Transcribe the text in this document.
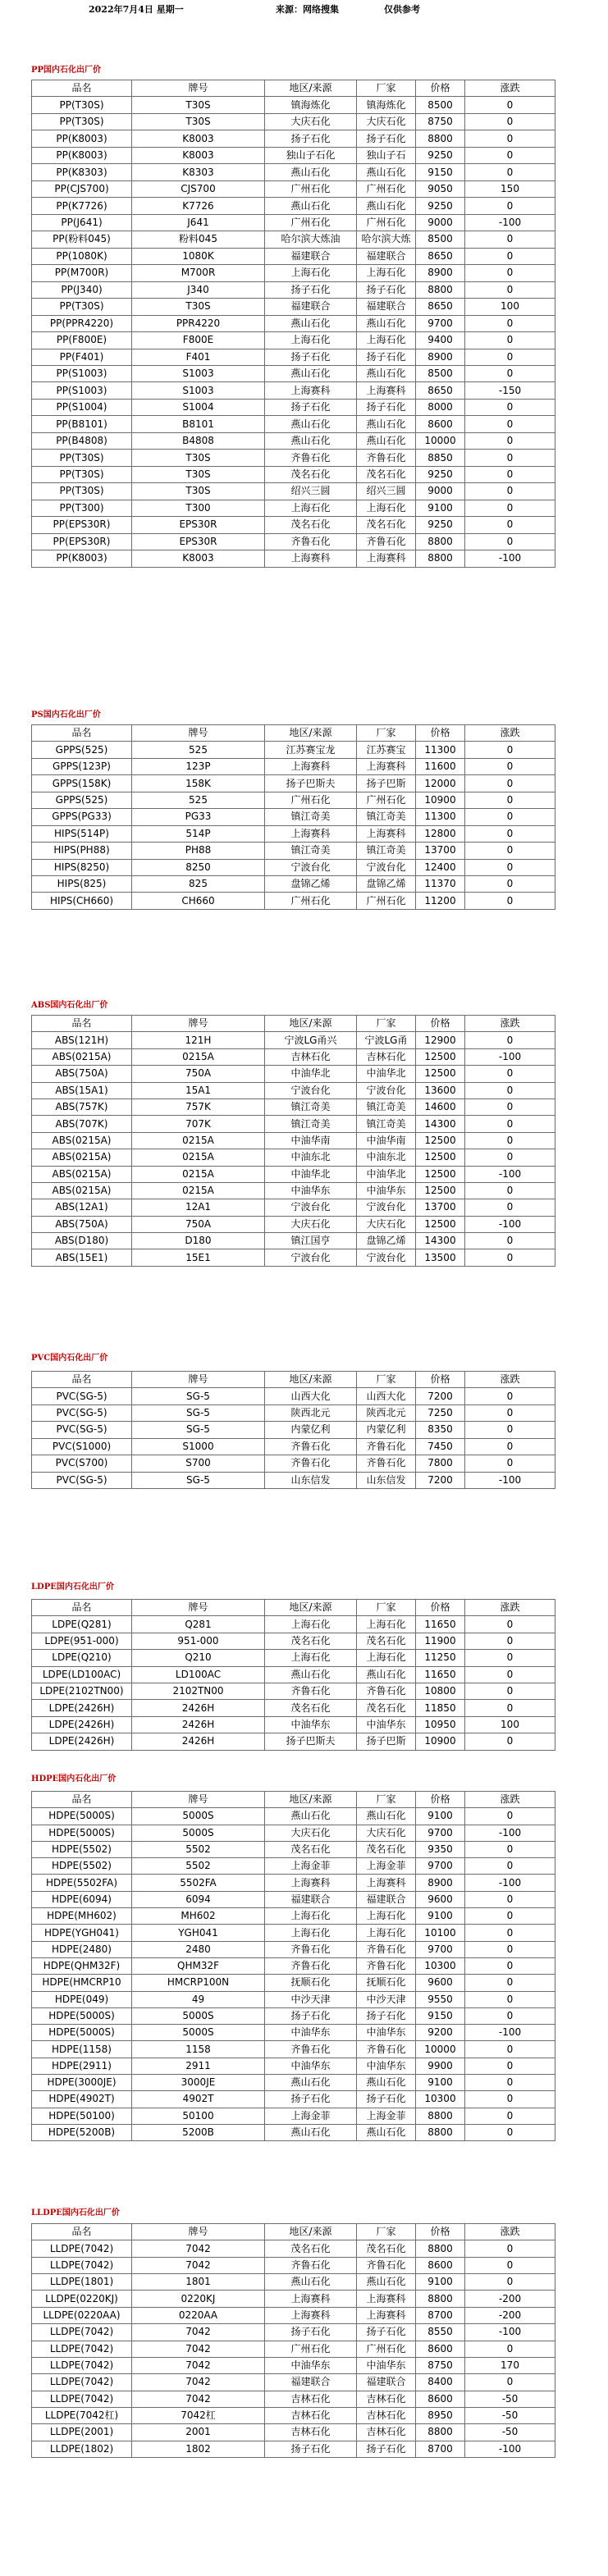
2022年7月4日 星期一	来源：网络搜集	仅供参考
PP国内石化出厂价
品名	牌号	地区/来源	厂家	价格	涨跌
PP(T30S)	T30S	镇海炼化	镇海炼化	8500	0
PP(T30S)	T30S	大庆石化	大庆石化	8750	0
PP(K8003)	K8003	扬子石化	扬子石化	8800	0
PP(K8003)	K8003	独山子石化	独山子石	9250	0
PP(K8303)	K8303	燕山石化	燕山石化	9150	0
PP(CJS700)	CJS700	广州石化	广州石化	9050	150
PP(K7726)	K7726	燕山石化	燕山石化	9250	0
PP(J641)	J641	广州石化	广州石化	9000	-100
PP(粉料045)	粉料045	哈尔滨大炼油	哈尔滨大炼	8500	0
PP(1080K)	1080K	福建联合	福建联合	8650	0
PP(M700R)	M700R	上海石化	上海石化	8900	0
PP(J340)	J340	扬子石化	扬子石化	8800	0
PP(T30S)	T30S	福建联合	福建联合	8650	100
PP(PPR4220)	PPR4220	燕山石化	燕山石化	9700	0
PP(F800E)	F800E	上海石化	上海石化	9400	0
PP(F401)	F401	扬子石化	扬子石化	8900	0
PP(S1003)	S1003	燕山石化	燕山石化	8500	0
PP(S1003)	S1003	上海赛科	上海赛科	8650	-150
PP(S1004)	S1004	扬子石化	扬子石化	8000	0
PP(B8101)	B8101	燕山石化	燕山石化	8600	0
PP(B4808)	B4808	燕山石化	燕山石化	10000	0
PP(T30S)	T30S	齐鲁石化	齐鲁石化	8850	0
PP(T30S)	T30S	茂名石化	茂名石化	9250	0
PP(T30S)	T30S	绍兴三圆	绍兴三圆	9000	0
PP(T300)	T300	上海石化	上海石化	9100	0
PP(EPS30R)	EPS30R	茂名石化	茂名石化	9250	0
PP(EPS30R)	EPS30R	齐鲁石化	齐鲁石化	8800	0
PP(K8003)	K8003	上海赛科	上海赛科	8800	-100
PS国内石化出厂价
品名	牌号	地区/来源	厂家	价格	涨跌
GPPS(525)	525	江苏赛宝龙	江苏赛宝	11300	0
GPPS(123P)	123P	上海赛科	上海赛科	11600	0
GPPS(158K)	158K	扬子巴斯夫	扬子巴斯	12000	0
GPPS(525)	525	广州石化	广州石化	10900	0
GPPS(PG33)	PG33	镇江奇美	镇江奇美	11300	0
HIPS(514P)	514P	上海赛科	上海赛科	12800	0
HIPS(PH88)	PH88	镇江奇美	镇江奇美	13700	0
HIPS(8250)	8250	宁波台化	宁波台化	12400	0
HIPS(825)	825	盘锦乙烯	盘锦乙烯	11370	0
HIPS(CH660)	CH660	广州石化	广州石化	11200	0
ABS国内石化出厂价
品名	牌号	地区/来源	厂家	价格	涨跌
ABS(121H)	121H	宁波LG甬兴	宁波LG甬	12900	0
ABS(0215A)	0215A	吉林石化	吉林石化	12500	-100
ABS(750A)	750A	中油华北	中油华北	12500	0
ABS(15A1)	15A1	宁波台化	宁波台化	13600	0
ABS(757K)	757K	镇江奇美	镇江奇美	14600	0
ABS(707K)	707K	镇江奇美	镇江奇美	14300	0
ABS(0215A)	0215A	中油华南	中油华南	12500	0
ABS(0215A)	0215A	中油东北	中油东北	12500	0
ABS(0215A)	0215A	中油华北	中油华北	12500	-100
ABS(0215A)	0215A	中油华东	中油华东	12500	0
ABS(12A1)	12A1	宁波台化	宁波台化	13700	0
ABS(750A)	750A	大庆石化	大庆石化	12500	-100
ABS(D180)	D180	镇江国亨	盘锦乙烯	14300	0
ABS(15E1)	15E1	宁波台化	宁波台化	13500	0
PVC国内石化出厂价
品名	牌号	地区/来源	厂家	价格	涨跌
PVC(SG-5)	SG-5	山西大化	山西大化	7200	0
PVC(SG-5)	SG-5	陕西北元	陕西北元	7250	0
PVC(SG-5)	SG-5	内蒙亿利	内蒙亿利	8350	0
PVC(S1000)	S1000	齐鲁石化	齐鲁石化	7450	0
PVC(S700)	S700	齐鲁石化	齐鲁石化	7800	0
PVC(SG-5)	SG-5	山东信发	山东信发	7200	-100
LDPE国内石化出厂价
品名	牌号	地区/来源	厂家	价格	涨跌
LDPE(Q281)	Q281	上海石化	上海石化	11650	0
LDPE(951-000)	951-000	茂名石化	茂名石化	11900	0
LDPE(Q210)	Q210	上海石化	上海石化	11250	0
LDPE(LD100AC)	LD100AC	燕山石化	燕山石化	11650	0
LDPE(2102TN00)	2102TN00	齐鲁石化	齐鲁石化	10800	0
LDPE(2426H)	2426H	茂名石化	茂名石化	11850	0
LDPE(2426H)	2426H	中油华东	中油华东	10950	100
LDPE(2426H)	2426H	扬子巴斯夫	扬子巴斯	10900	0
HDPE国内石化出厂价
品名	牌号	地区/来源	厂家	价格	涨跌
HDPE(5000S)	5000S	燕山石化	燕山石化	9100	0
HDPE(5000S)	5000S	大庆石化	大庆石化	9700	-100
HDPE(5502)	5502	茂名石化	茂名石化	9350	0
HDPE(5502)	5502	上海金菲	上海金菲	9700	0
HDPE(5502FA)	5502FA	上海赛科	上海赛科	8900	-100
HDPE(6094)	6094	福建联合	福建联合	9600	0
HDPE(MH602)	MH602	上海石化	上海石化	9100	0
HDPE(YGH041)	YGH041	上海石化	上海石化	10100	0
HDPE(2480)	2480	齐鲁石化	齐鲁石化	9700	0
HDPE(QHM32F)	QHM32F	齐鲁石化	齐鲁石化	10300	0
HDPE(HMCRP10	HMCRP100N	抚顺石化	抚顺石化	9600	0
HDPE(049)	49	中沙天津	中沙天津	9550	0
HDPE(5000S)	5000S	扬子石化	扬子石化	9150	0
HDPE(5000S)	5000S	中油华东	中油华东	9200	-100
HDPE(1158)	1158	齐鲁石化	齐鲁石化	10000	0
HDPE(2911)	2911	中油华东	中油华东	9900	0
HDPE(3000JE)	3000JE	燕山石化	燕山石化	9100	0
HDPE(4902T)	4902T	扬子石化	扬子石化	10300	0
HDPE(50100)	50100	上海金菲	上海金菲	8800	0
HDPE(5200B)	5200B	燕山石化	燕山石化	8800	0
LLDPE国内石化出厂价
品名	牌号	地区/来源	厂家	价格	涨跌
LLDPE(7042)	7042	茂名石化	茂名石化	8800	0
LLDPE(7042)	7042	齐鲁石化	齐鲁石化	8600	0
LLDPE(1801)	1801	燕山石化	燕山石化	9100	0
LLDPE(0220KJ)	0220KJ	上海赛科	上海赛科	8800	-200
LLDPE(0220AA)	0220AA	上海赛科	上海赛科	8700	-200
LLDPE(7042)	7042	扬子石化	扬子石化	8550	-100
LLDPE(7042)	7042	广州石化	广州石化	8600	0
LLDPE(7042)	7042	中油华东	中油华东	8750	170
LLDPE(7042)	7042	福建联合	福建联合	8400	0
LLDPE(7042)	7042	吉林石化	吉林石化	8600	-50
LLDPE(7042杠)	7042杠	吉林石化	吉林石化	8950	-50
LLDPE(2001)	2001	吉林石化	吉林石化	8800	-50
LLDPE(1802)	1802	扬子石化	扬子石化	8700	-100
